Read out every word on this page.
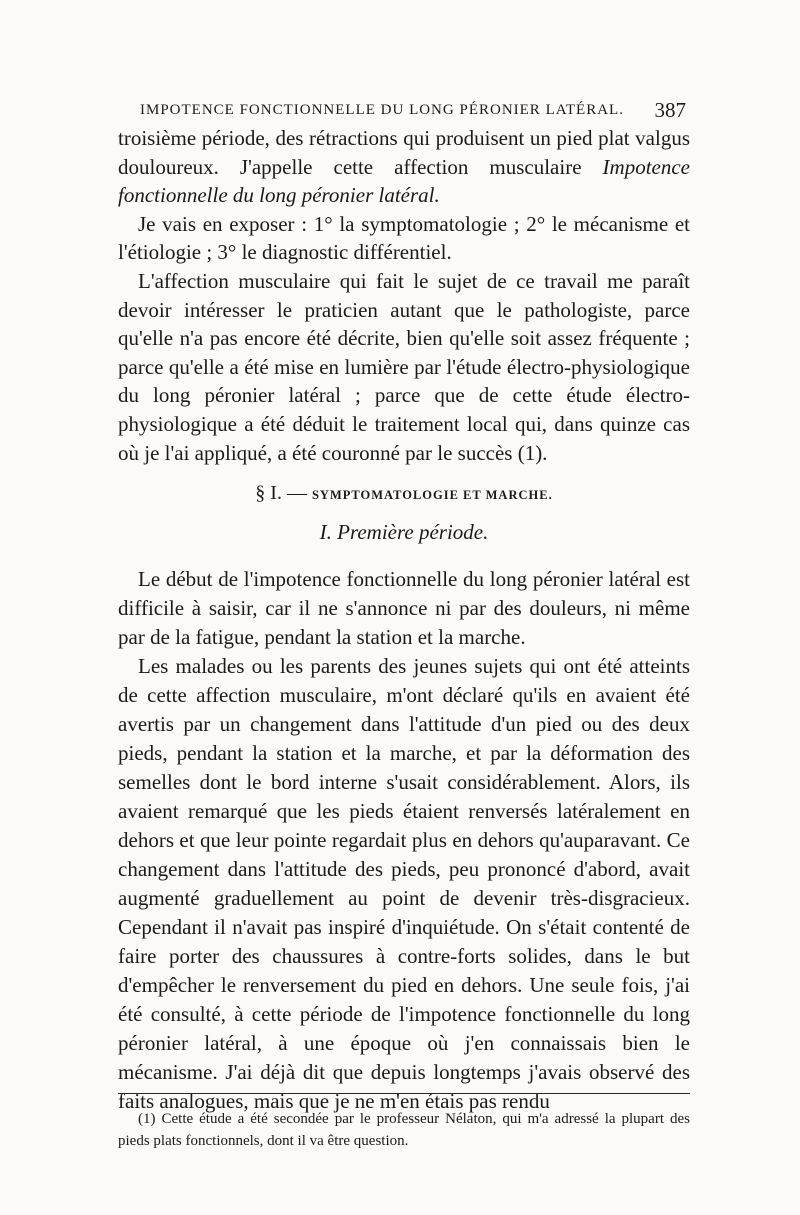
IMPOTENCE FONCTIONNELLE DU LONG PÉRONIER LATÉRAL. 387

troisième période, des rétractions qui produisent un pied plat valgus douloureux. J'appelle cette affection musculaire Impotence fonctionnelle du long péronier latéral.

Je vais en exposer : 1° la symptomatologie ; 2° le mécanisme et l'étiologie ; 3° le diagnostic différentiel.

L'affection musculaire qui fait le sujet de ce travail me paraît devoir intéresser le praticien autant que le pathologiste, parce qu'elle n'a pas encore été décrite, bien qu'elle soit assez fréquente ; parce qu'elle a été mise en lumière par l'étude électro-physiologique du long péronier latéral ; parce que de cette étude électro-physiologique a été déduit le traitement local qui, dans quinze cas où je l'ai appliqué, a été couronné par le succès (1).

§ I. — SYMPTOMATOLOGIE ET MARCHE.
I. Première période.

Le début de l'impotence fonctionnelle du long péronier latéral est difficile à saisir, car il ne s'annonce ni par des douleurs, ni même par de la fatigue, pendant la station et la marche.

Les malades ou les parents des jeunes sujets qui ont été atteints de cette affection musculaire, m'ont déclaré qu'ils en avaient été avertis par un changement dans l'attitude d'un pied ou des deux pieds, pendant la station et la marche, et par la déformation des semelles dont le bord interne s'usait considérablement. Alors, ils avaient remarqué que les pieds étaient renversés latéralement en dehors et que leur pointe regardait plus en dehors qu'auparavant. Ce changement dans l'attitude des pieds, peu prononcé d'abord, avait augmenté graduellement au point de devenir très-disgracieux. Cependant il n'avait pas inspiré d'inquiétude. On s'était contenté de faire porter des chaussures à contre-forts solides, dans le but d'empêcher le renversement du pied en dehors. Une seule fois, j'ai été consulté, à cette période de l'impotence fonctionnelle du long péronier latéral, à une époque où j'en connaissais bien le mécanisme. J'ai déjà dit que depuis longtemps j'avais observé des faits analogues, mais que je ne m'en étais pas rendu

(1) Cette étude a été secondée par le professeur Nélaton, qui m'a adressé la plupart des pieds plats fonctionnels, dont il va être question.
